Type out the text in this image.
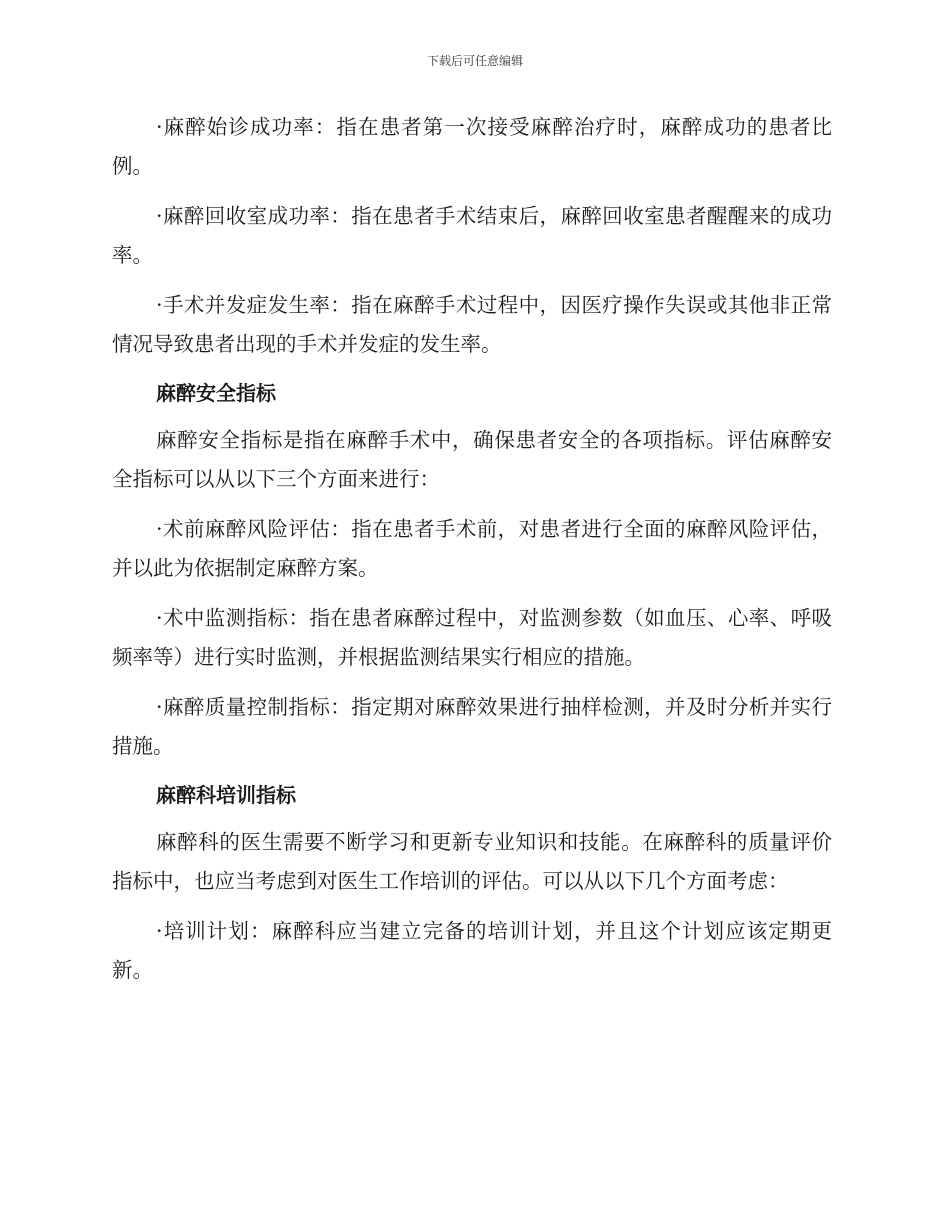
下载后可任意编辑

·麻醉始诊成功率：指在患者第一次接受麻醉治疗时，麻醉成功的患者比例。

·麻醉回收室成功率：指在患者手术结束后，麻醉回收室患者醒醒来的成功率。

·手术并发症发生率：指在麻醉手术过程中，因医疗操作失误或其他非正常情况导致患者出现的手术并发症的发生率。

麻醉安全指标

麻醉安全指标是指在麻醉手术中，确保患者安全的各项指标。评估麻醉安全指标可以从以下三个方面来进行：

·术前麻醉风险评估：指在患者手术前，对患者进行全面的麻醉风险评估，并以此为依据制定麻醉方案。

·术中监测指标：指在患者麻醉过程中，对监测参数（如血压、心率、呼吸频率等）进行实时监测，并根据监测结果实行相应的措施。

·麻醉质量控制指标：指定期对麻醉效果进行抽样检测，并及时分析并实行措施。

麻醉科培训指标

麻醉科的医生需要不断学习和更新专业知识和技能。在麻醉科的质量评价指标中，也应当考虑到对医生工作培训的评估。可以从以下几个方面考虑：

·培训计划：麻醉科应当建立完备的培训计划，并且这个计划应该定期更新。
